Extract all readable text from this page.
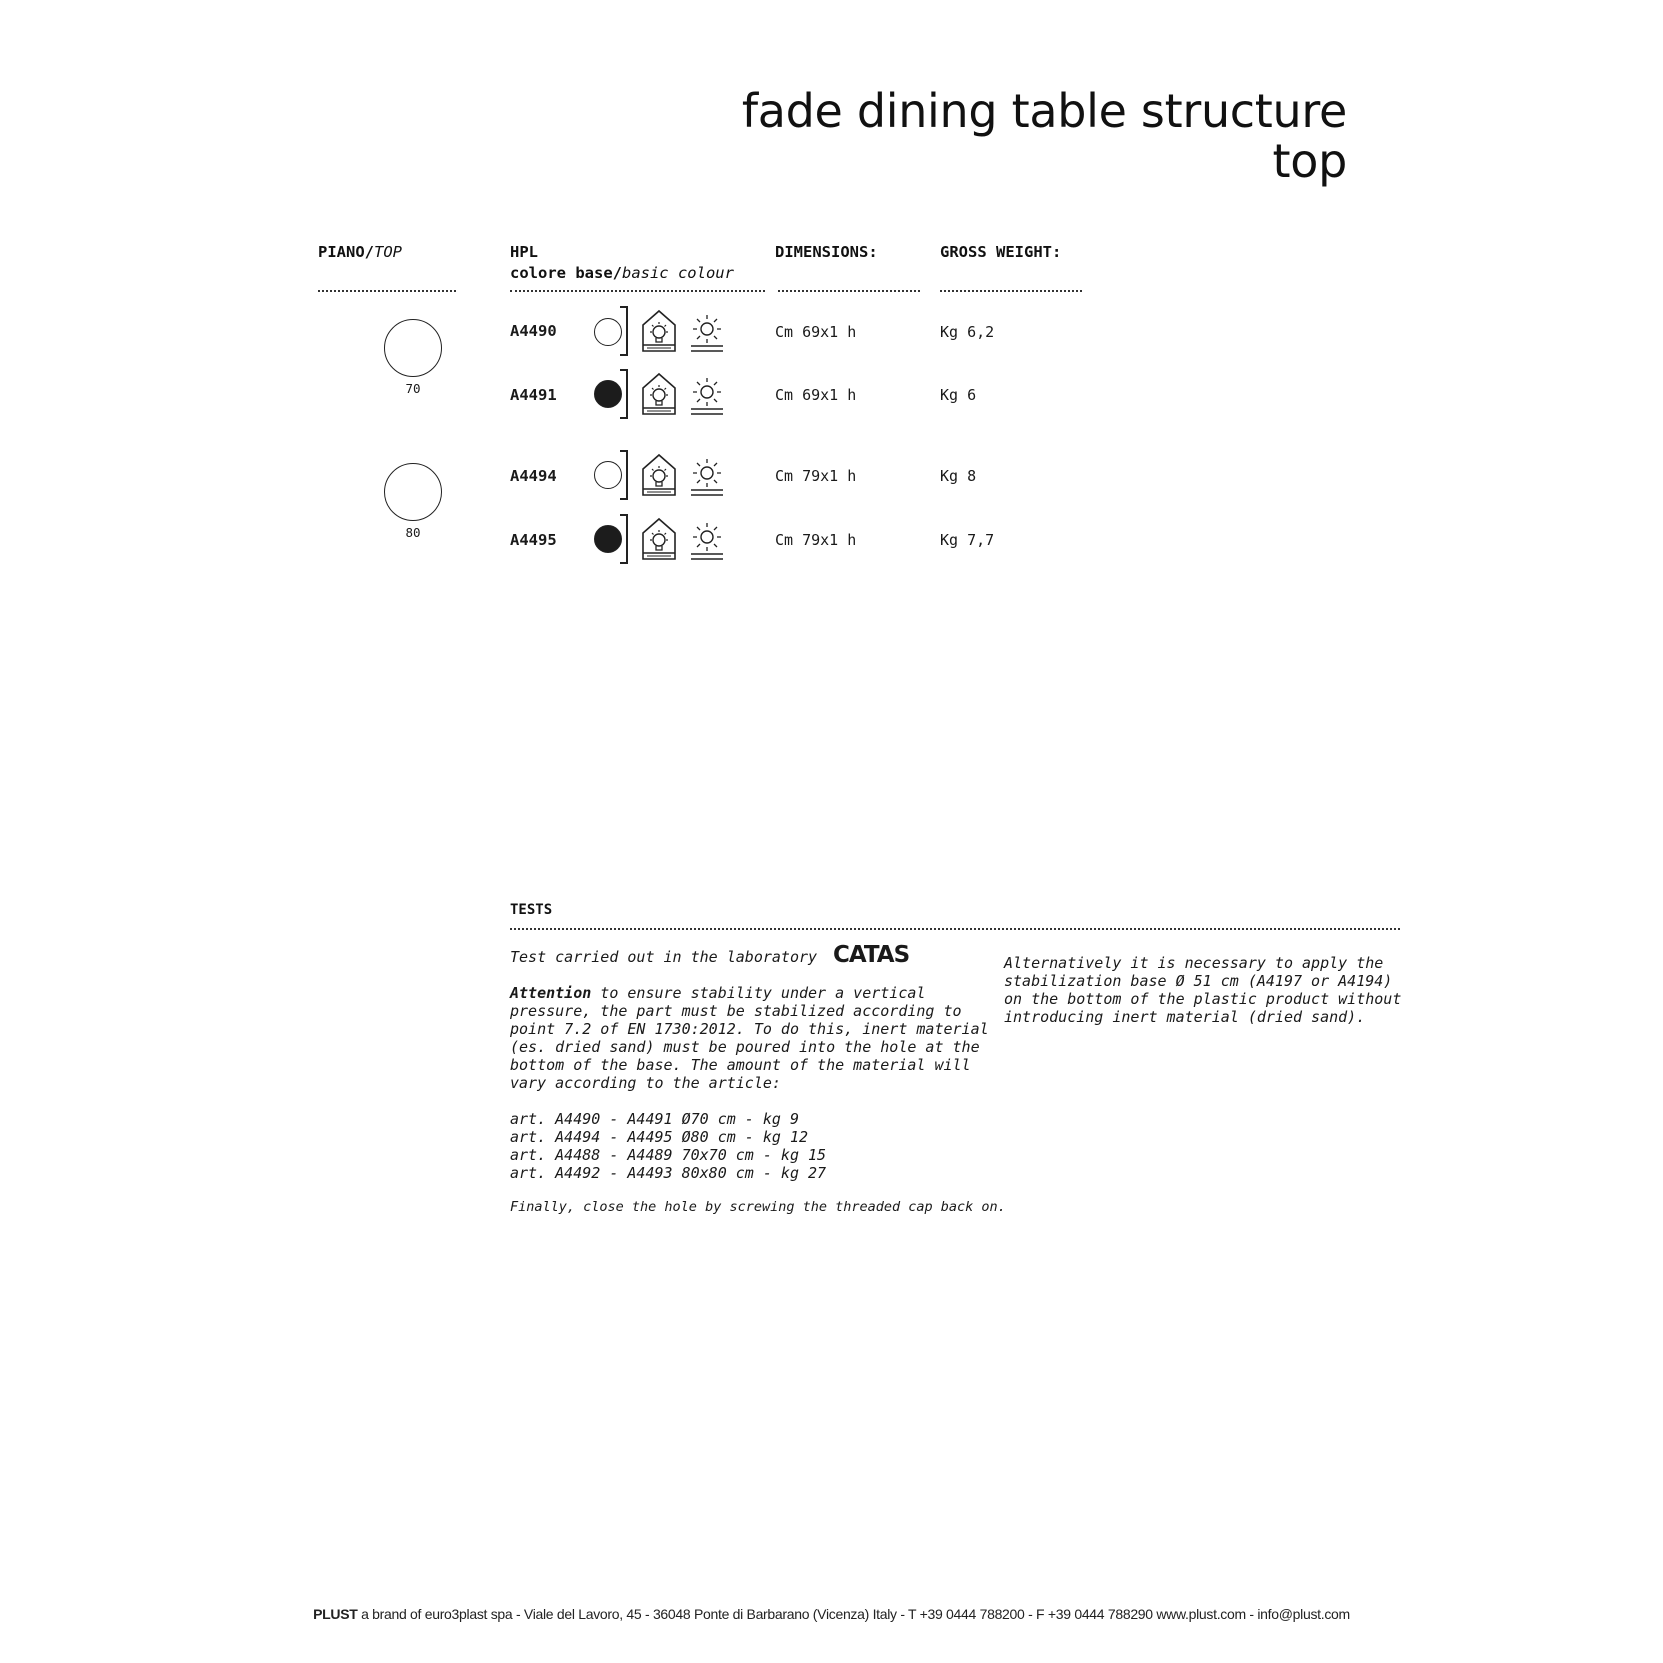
fade dining table structure
top
PIANO/TOP	HPL
colore base/basic colour
DIMENSIONS:	GROSS WEIGHT:
70
80
A4490	Cm 69x1 h	Kg 6,2
A4491	Cm 69x1 h	Kg 6
A4494	Cm 79x1 h	Kg 8
A4495	Cm 79x1 h	Kg 7,7
TESTS
Test carried out in the laboratory CATAS
Attention to ensure stability under a vertical
pressure, the part must be stabilized according to
point 7.2 of EN 1730:2012. To do this, inert material
(es. dried sand) must be poured into the hole at the
bottom of the base. The amount of the material will
vary according to the article:
art. A4490 - A4491 Ø70 cm - kg 9
art. A4494 - A4495 Ø80 cm - kg 12
art. A4488 - A4489 70x70 cm - kg 15
art. A4492 - A4493 80x80 cm - kg 27
Finally, close the hole by screwing the threaded cap back on.
Alternatively it is necessary to apply the
stabilization base Ø 51 cm (A4197 or A4194)
on the bottom of the plastic product without
introducing inert material (dried sand).
PLUST a brand of euro3plast spa - Viale del Lavoro, 45 - 36048 Ponte di Barbarano (Vicenza) Italy - T +39 0444 788200 - F +39 0444 788290 www.plust.com - info@plust.com
